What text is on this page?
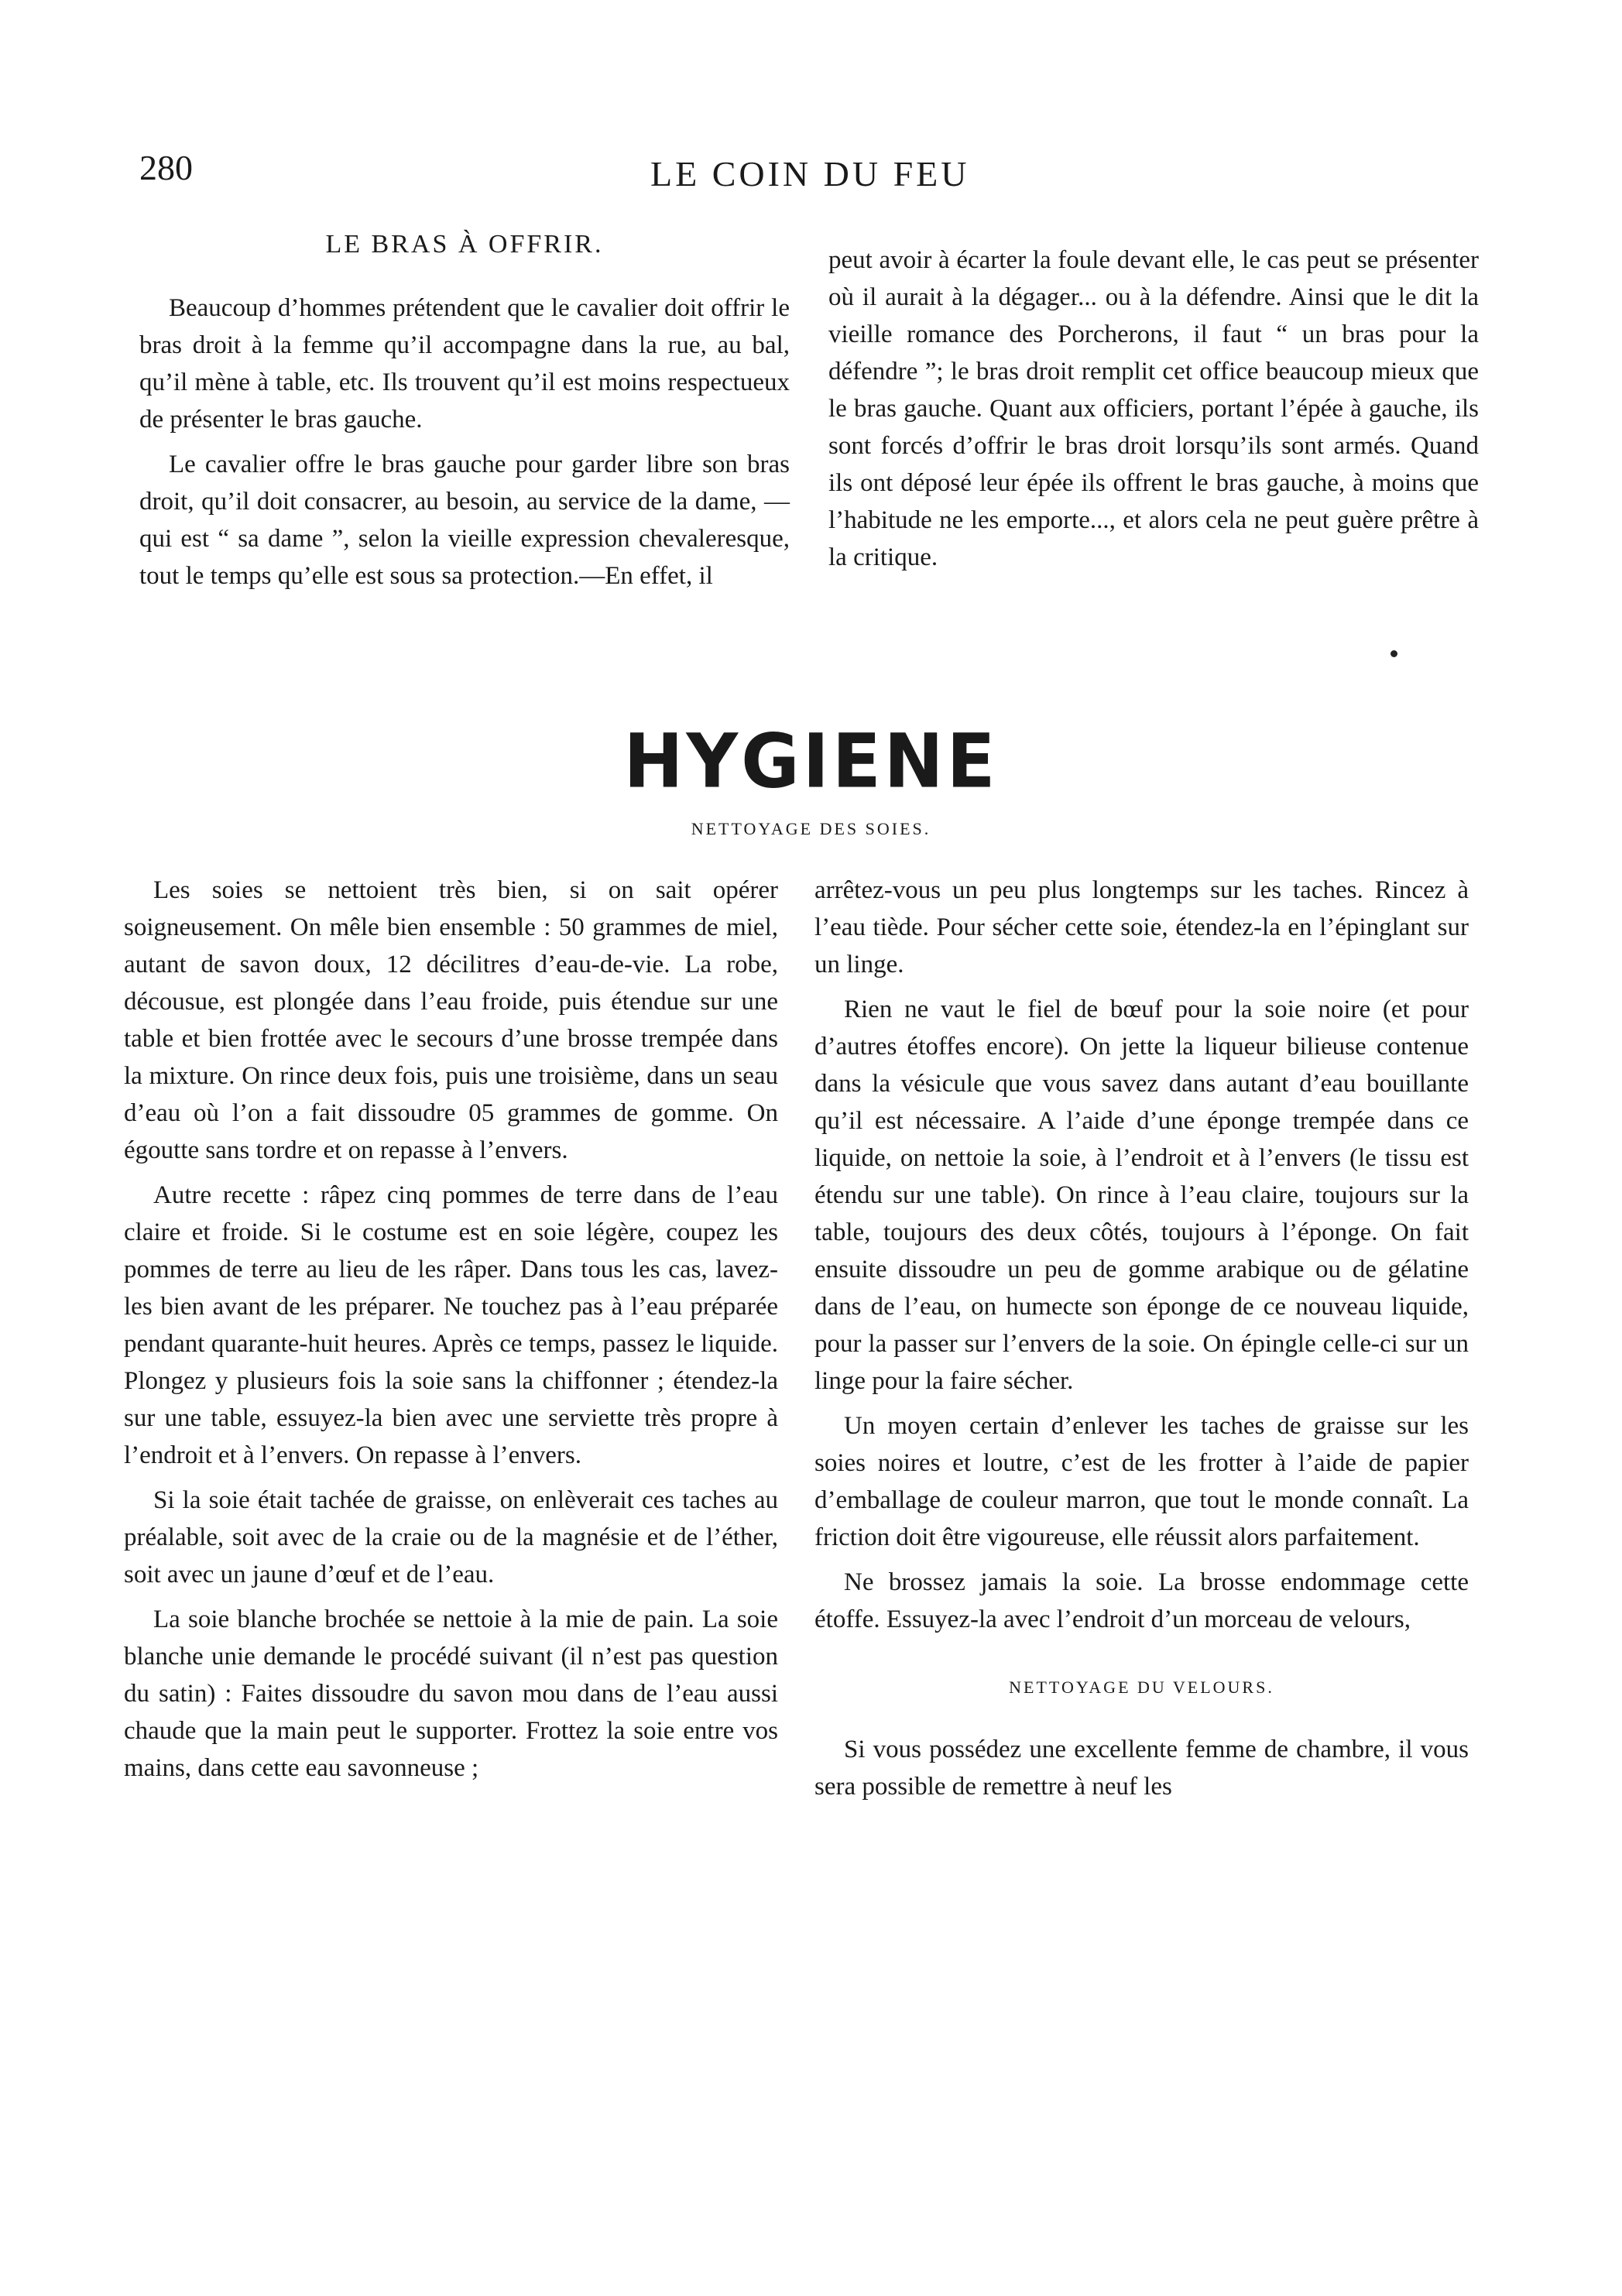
280	LE COIN DU FEU
LE BRAS À OFFRIR.

Beaucoup d’hommes prétendent que le cavalier doit offrir le bras droit à la femme qu’il accompagne dans la rue, au bal, qu’il mène à table, etc. Ils trouvent qu’il est moins respectueux de présenter le bras gauche.

Le cavalier offre le bras gauche pour garder libre son bras droit, qu’il doit consacrer, au besoin, au service de la dame, — qui est “ sa dame ”, selon la vieille expression chevaleresque, tout le temps qu’elle est sous sa protection.—En effet, il

peut avoir à écarter la foule devant elle, le cas peut se présenter où il aurait à la dégager... ou à la défendre. Ainsi que le dit la vieille romance des Porcherons, il faut “ un bras pour la défendre ”; le bras droit remplit cet office beaucoup mieux que le bras gauche. Quant aux officiers, portant l’épée à gauche, ils sont forcés d’offrir le bras droit lorsqu’ils sont armés. Quand ils ont déposé leur épée ils offrent le bras gauche, à moins que l’habitude ne les emporte..., et alors cela ne peut guère prêtre à la critique.

HYGIENE
NETTOYAGE DES SOIES.

Les soies se nettoient très bien, si on sait opérer soigneusement. On mêle bien ensemble : 50 grammes de miel, autant de savon doux, 12 décilitres d’eau-de-vie. La robe, décousue, est plongée dans l’eau froide, puis étendue sur une table et bien frottée avec le secours d’une brosse trempée dans la mixture. On rince deux fois, puis une troisième, dans un seau d’eau où l’on a fait dissoudre 05 grammes de gomme. On égoutte sans tordre et on repasse à l’envers.

Autre recette : râpez cinq pommes de terre dans de l’eau claire et froide. Si le costume est en soie légère, coupez les pommes de terre au lieu de les râper. Dans tous les cas, lavez-les bien avant de les préparer. Ne touchez pas à l’eau préparée pendant quarante-huit heures. Après ce temps, passez le liquide. Plongez y plusieurs fois la soie sans la chiffonner ; étendez-la sur une table, essuyez-la bien avec une serviette très propre à l’endroit et à l’envers. On repasse à l’envers.

Si la soie était tachée de graisse, on enlèverait ces taches au préalable, soit avec de la craie ou de la magnésie et de l’éther, soit avec un jaune d’œuf et de l’eau.

La soie blanche brochée se nettoie à la mie de pain. La soie blanche unie demande le procédé suivant (il n’est pas question du satin) : Faites dissoudre du savon mou dans de l’eau aussi chaude que la main peut le supporter. Frottez la soie entre vos mains, dans cette eau savonneuse ;

arrêtez-vous un peu plus longtemps sur les taches. Rincez à l’eau tiède. Pour sécher cette soie, étendez-la en l’épinglant sur un linge.

Rien ne vaut le fiel de bœuf pour la soie noire (et pour d’autres étoffes encore). On jette la liqueur bilieuse contenue dans la vésicule que vous savez dans autant d’eau bouillante qu’il est nécessaire. A l’aide d’une éponge trempée dans ce liquide, on nettoie la soie, à l’endroit et à l’envers (le tissu est étendu sur une table). On rince à l’eau claire, toujours sur la table, toujours des deux côtés, toujours à l’éponge. On fait ensuite dissoudre un peu de gomme arabique ou de gélatine dans de l’eau, on humecte son éponge de ce nouveau liquide, pour la passer sur l’envers de la soie. On épingle celle-ci sur un linge pour la faire sécher.

Un moyen certain d’enlever les taches de graisse sur les soies noires et loutre, c’est de les frotter à l’aide de papier d’emballage de couleur marron, que tout le monde connaît. La friction doit être vigoureuse, elle réussit alors parfaitement.

Ne brossez jamais la soie. La brosse endommage cette étoffe. Essuyez-la avec l’endroit d’un morceau de velours,

NETTOYAGE DU VELOURS.

Si vous possédez une excellente femme de chambre, il vous sera possible de remettre à neuf les
